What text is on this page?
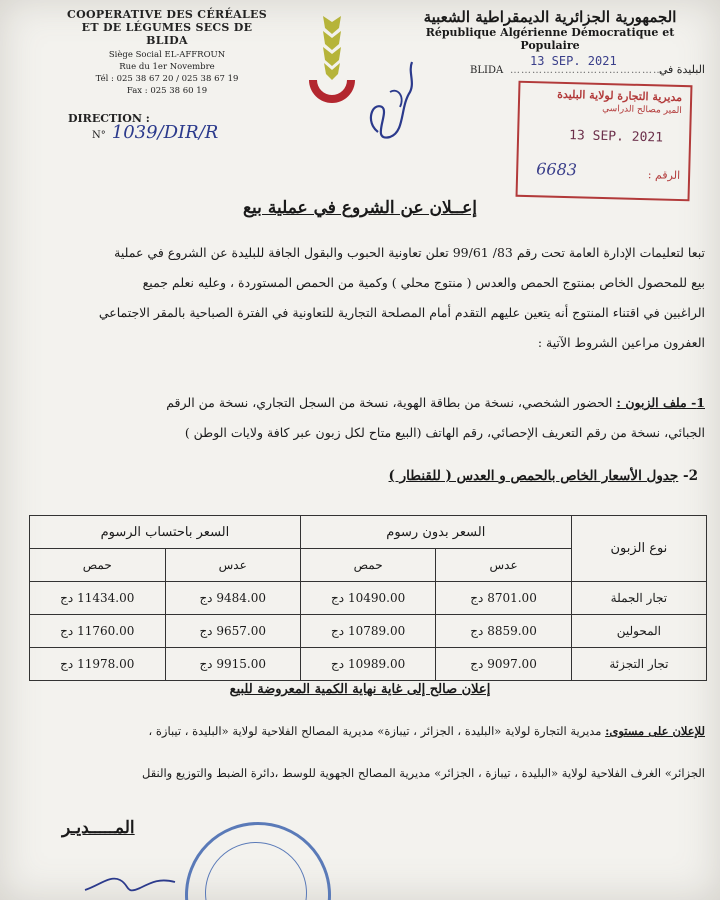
COOPERATIVE DES CÉRÉALES
ET DE LÉGUMES SECS DE BLIDA
Siège Social EL-AFFROUN
Rue du 1er Novembre
Tél : 025 38 67 20 / 025 38 67 19
Fax : 025 38 60 19
الجمهورية الجزائرية الديمقراطية الشعبية
République Algérienne Démocratique et Populaire
BLIDA ……………………………………
البليدة في
13 SEP. 2021
مديرية التجارة لولاية البليدة
المير مصالح الدراسي
13 SEP. 2021
6683	الرقم :
DIRECTION :
N° 1039/DIR/R
إعــلان عن الشروع في عملية بيع
تبعا لتعليمات الإدارة العامة تحت رقم 83/ 99/61 تعلن تعاونية الحبوب والبقول الجافة للبليدة عن الشروع في عملية
بيع للمحصول الخاص بمنتوج الحمص والعدس ( منتوج محلي ) وكمية من الحمص المستوردة ، وعليه نعلم جميع
الراغبين في اقتناء المنتوج أنه يتعين عليهم التقدم أمام المصلحة التجارية للتعاونية في الفترة الصباحية بالمقر الاجتماعي
العفرون مراعين الشروط الآتية :
1- ملف الزبون : الحضور الشخصي، نسخة من بطاقة الهوية، نسخة من السجل التجاري، نسخة من الرقم
الجبائي، نسخة من رقم التعريف الإحصائي، رقم الهاتف (البيع متاح لكل زبون عبر كافة ولايات الوطن )
2- جدول الأسعار الخاص بالحمص و العدس ( للقنطار )
نوع الزبون	السعر بدون رسوم		السعر باحتساب الرسوم	
	عدس	حمص	عدس	حمص
تجار الجملة	8701.00 دج	10490.00 دج	9484.00 دج	11434.00 دج
المحولين	8859.00 دج	10789.00 دج	9657.00 دج	11760.00 دج
تجار التجزئة	9097.00 دج	10989.00 دج	9915.00 دج	11978.00 دج
إعلان صالح إلى غاية نهاية الكمية المعروضة للبيع
للإعلان على مستوى: مديرية التجارة لولاية «البليدة ، الجزائر ، تيبازة» مديرية المصالح الفلاحية لولاية «البليدة ، تيبازة ،
الجزائر» الغرف الفلاحية لولاية «البليدة ، تيبازة ، الجزائر» مديرية المصالح الجهوية للوسط ،دائرة الضبط والتوزيع والنقل
المـــــديـر
